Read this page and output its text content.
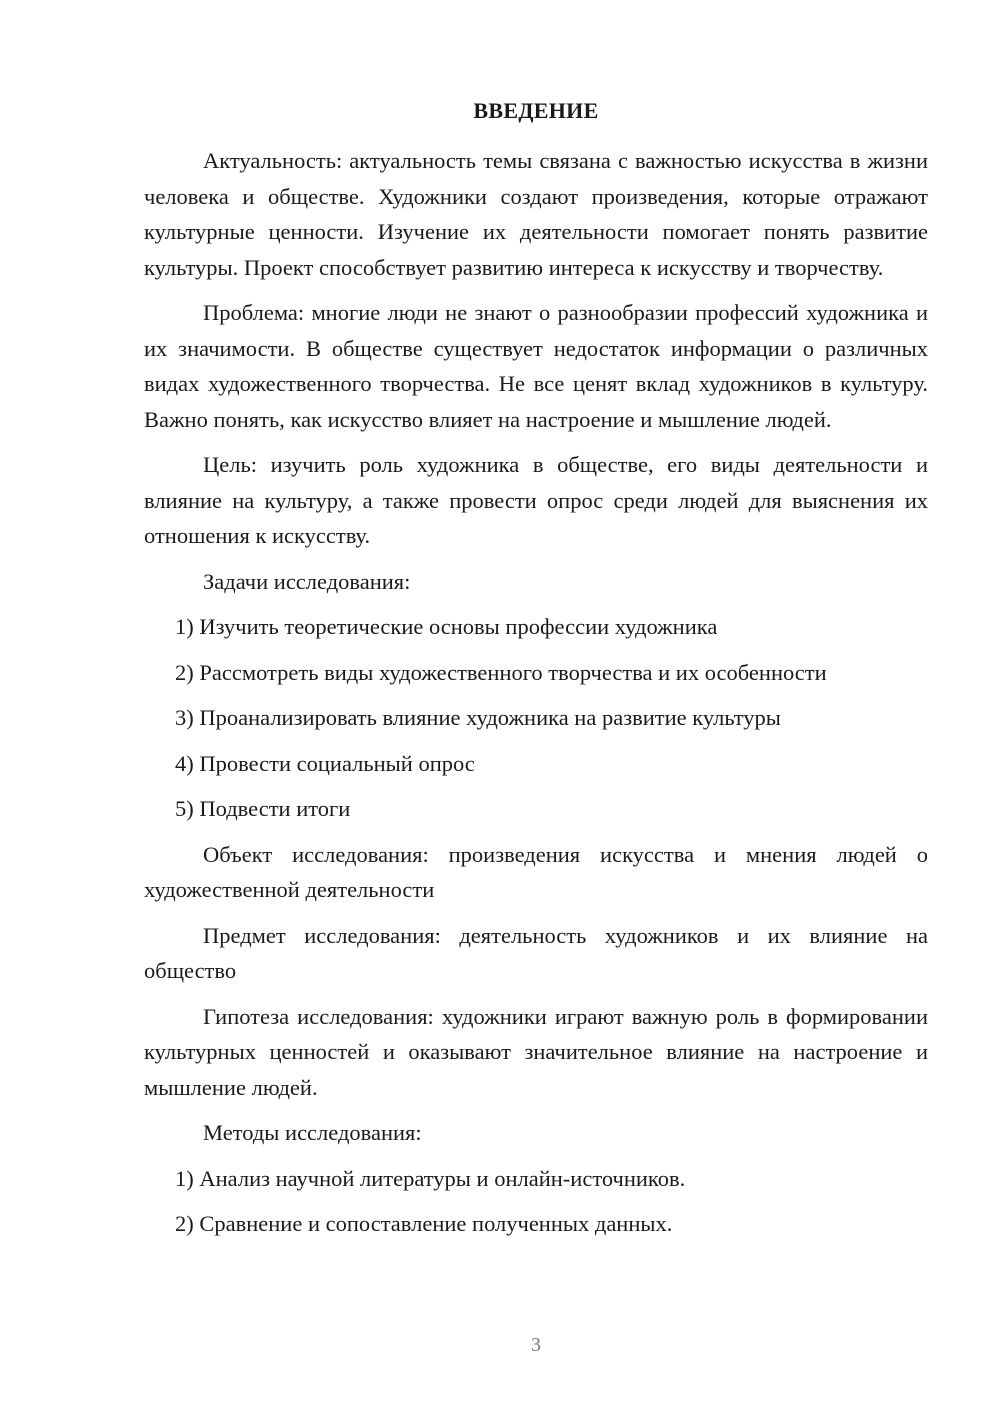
ВВЕДЕНИЕ

Актуальность: актуальность темы связана с важностью искусства в жизни человека и обществе. Художники создают произведения, которые отражают культурные ценности. Изучение их деятельности помогает понять развитие культуры. Проект способствует развитию интереса к искусству и творчеству.

Проблема: многие люди не знают о разнообразии профессий художника и их значимости. В обществе существует недостаток информации о различных видах художественного творчества. Не все ценят вклад художников в культуру. Важно понять, как искусство влияет на настроение и мышление людей.

Цель: изучить роль художника в обществе, его виды деятельности и влияние на культуру, а также провести опрос среди людей для выяснения их отношения к искусству.

Задачи исследования:

1) Изучить теоретические основы профессии художника

2) Рассмотреть виды художественного творчества и их особенности

3) Проанализировать влияние художника на развитие культуры

4) Провести социальный опрос

5) Подвести итоги

Объект исследования: произведения искусства и мнения людей о художественной деятельности

Предмет исследования: деятельность художников и их влияние на общество

Гипотеза исследования: художники играют важную роль в формировании культурных ценностей и оказывают значительное влияние на настроение и мышление людей.

Методы исследования:

1) Анализ научной литературы и онлайн-источников.

2) Сравнение и сопоставление полученных данных.

3
